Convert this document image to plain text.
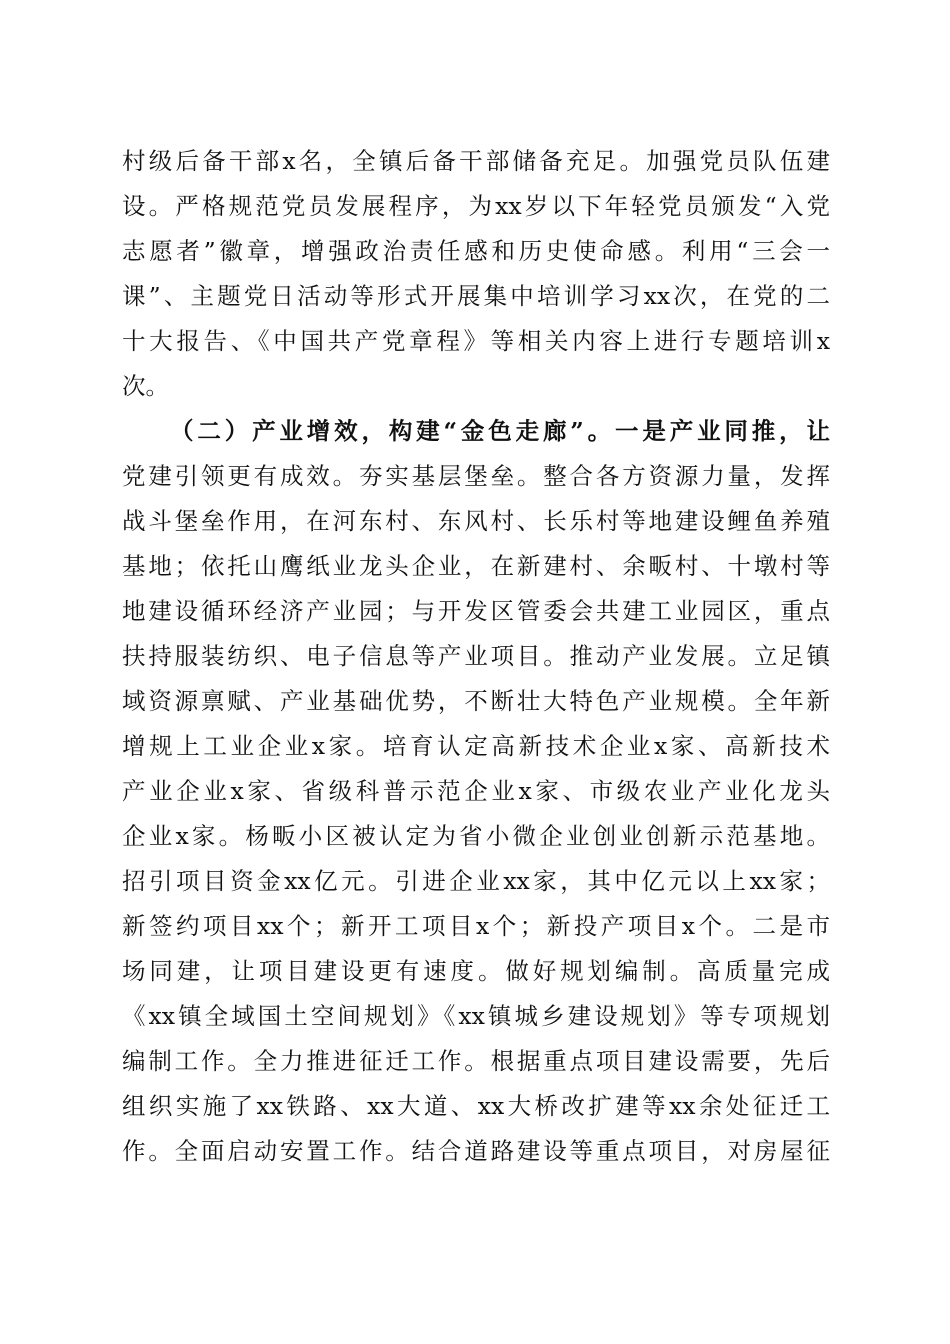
村级后备干部x名，全镇后备干部储备充足。加强党员队伍建
设。严格规范党员发展程序，为xx岁以下年轻党员颁发“入党
志愿者”徽章，增强政治责任感和历史使命感。利用“三会一
课”、主题党日活动等形式开展集中培训学习xx次，在党的二
十大报告、《中国共产党章程》等相关内容上进行专题培训x
次。
（二）产业增效，构建“金色走廊”。一是产业同推，让
党建引领更有成效。夯实基层堡垒。整合各方资源力量，发挥
战斗堡垒作用，在河东村、东风村、长乐村等地建设鲤鱼养殖
基地；依托山鹰纸业龙头企业，在新建村、余畈村、十墩村等
地建设循环经济产业园；与开发区管委会共建工业园区，重点
扶持服装纺织、电子信息等产业项目。推动产业发展。立足镇
域资源禀赋、产业基础优势，不断壮大特色产业规模。全年新
增规上工业企业x家。培育认定高新技术企业x家、高新技术
产业企业x家、省级科普示范企业x家、市级农业产业化龙头
企业x家。杨畈小区被认定为省小微企业创业创新示范基地。
招引项目资金xx亿元。引进企业xx家，其中亿元以上xx家；
新签约项目xx个；新开工项目x个；新投产项目x个。二是市
场同建，让项目建设更有速度。做好规划编制。高质量完成
《xx镇全域国土空间规划》《xx镇城乡建设规划》等专项规划
编制工作。全力推进征迁工作。根据重点项目建设需要，先后
组织实施了xx铁路、xx大道、xx大桥改扩建等xx余处征迁工
作。全面启动安置工作。结合道路建设等重点项目，对房屋征
